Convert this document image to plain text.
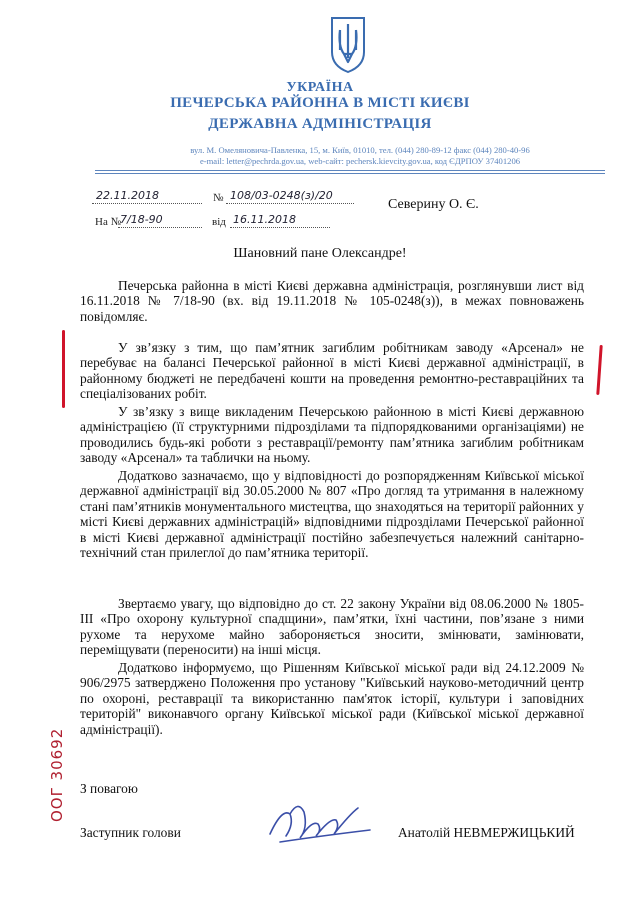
УКРАЇНА
ПЕЧЕРСЬКА РАЙОННА В МІСТІ КИЄВІ
ДЕРЖАВНА АДМІНІСТРАЦІЯ
вул. М. Омеляновича-Павленка, 15, м. Київ, 01010, тел. (044) 280-89-12 факс (044) 280-40-96
e-mail: letter@pechrda.gov.ua, web-сайт: pechersk.kievcity.gov.ua, код ЄДРПОУ 37401206
22.11.2018	№ 108/03-0248(з)/20
На №
7/18-90	від 16.11.2018
Северину О. Є.
Шановний пане Олександре!
Печерська районна в місті Києві державна адміністрація, розглянувши лист від 16.11.2018 № 7/18-90 (вх. від 19.11.2018 № 105-0248(з)), в межах повноважень повідомляє.
У зв’язку з тим, що пам’ятник загиблим робітникам заводу «Арсенал» не перебуває на балансі Печерської районної в місті Києві державної адміністрації, в районному бюджеті не передбачені кошти на проведення ремонтно-реставраційних та спеціалізованих робіт.
У зв’язку з вище викладеним Печерською районною в місті Києві державною адміністрацією (її структурними підрозділами та підпорядкованими організаціями) не проводились будь-які роботи з реставрації/ремонту пам’ятника загиблим робітникам заводу «Арсенал» та таблички на ньому.
Додатково зазначаємо, що у відповідності до розпорядженням Київської міської державної адміністрації від 30.05.2000 № 807 «Про догляд та утримання в належному стані пам’ятників монументального мистецтва, що знаходяться на території районних у місті Києві державних адміністрацій» відповідними підрозділами Печерської районної в місті Києві державної адміністрації постійно забезпечується належний санітарно-технічний стан прилеглої до пам’ятника території.
Звертаємо увагу, що відповідно до ст. 22 закону України від 08.06.2000 № 1805-ІІІ «Про охорону культурної спадщини», пам’ятки, їхні частини, пов’язане з ними рухоме та нерухоме майно забороняється зносити, змінювати, замінювати, переміщувати (переносити) на інші місця.
Додатково інформуємо, що Рішенням Київської міської ради від 24.12.2009 № 906/2975 затверджено Положення про установу "Київський науково-методичний центр по охороні, реставрації та використанню пам'яток історії, культури і заповідних територій" виконавчого органу Київської міської ради (Київської міської державної адміністрації).
ООГ 30692 З повагою
Заступник голови	Анатолій НЕВМЕРЖИЦЬКИЙ
